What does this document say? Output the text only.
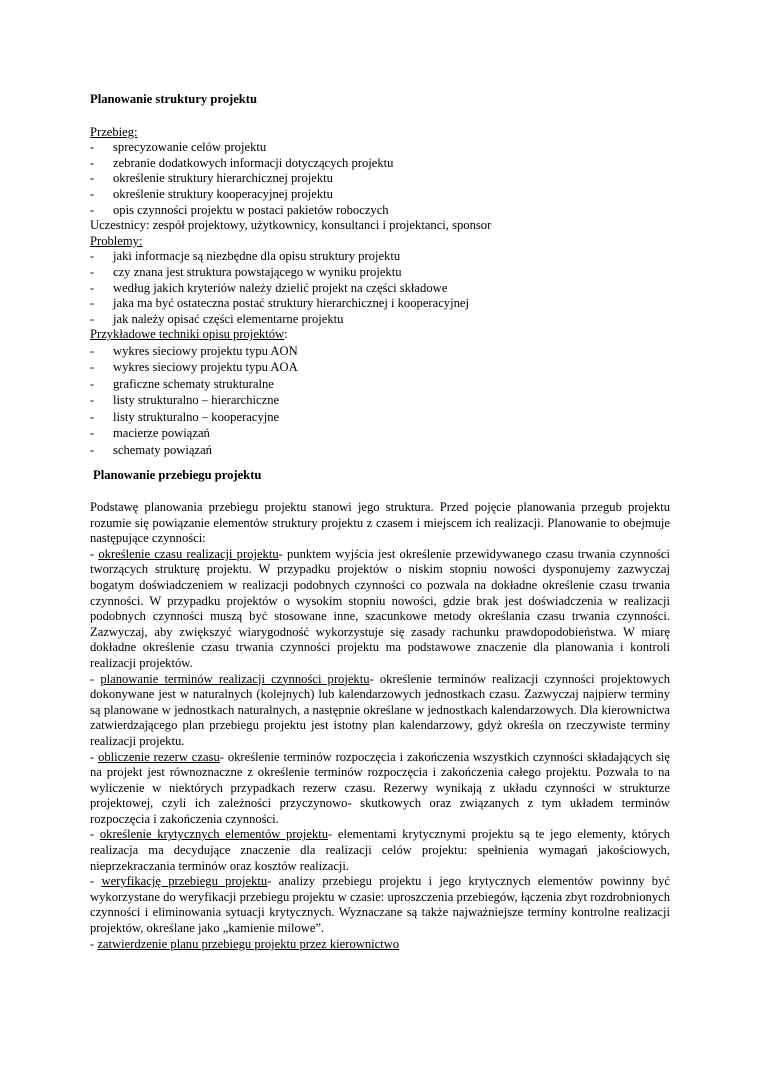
Planowanie struktury projektu

Przebieg:

- sprecyzowanie celów projektu
- zebranie dodatkowych informacji dotyczących projektu
- określenie struktury hierarchicznej projektu
- określenie struktury kooperacyjnej projektu
- opis czynności projektu w postaci pakietów roboczych

Uczestnicy: zespół projektowy, użytkownicy, konsultanci i projektanci, sponsor

Problemy:

- jaki informacje są niezbędne dla opisu struktury projektu
- czy znana jest struktura powstającego w wyniku projektu
- według jakich kryteriów należy dzielić projekt na części składowe
- jaka ma być ostateczna postać struktury hierarchicznej i kooperacyjnej
- jak należy opisać części elementarne projektu

Przykładowe techniki opisu projektów:

- wykres sieciowy projektu typu AON
- wykres sieciowy projektu typu AOA
- graficzne schematy strukturalne
- listy strukturalno – hierarchiczne
- listy strukturalno – kooperacyjne
- macierze powiązań
- schematy powiązań

Planowanie przebiegu projektu

Podstawę planowania przebiegu projektu stanowi jego struktura. Przed pojęcie planowania przegub projektu rozumie się powiązanie elementów struktury projektu z czasem i miejscem ich realizacji. Planowanie to obejmuje następujące czynności:

- określenie czasu realizacji projektu- punktem wyjścia jest określenie przewidywanego czasu trwania czynności tworzących strukturę projektu. W przypadku projektów o niskim stopniu nowości dysponujemy zazwyczaj bogatym doświadczeniem w realizacji podobnych czynności co pozwala na dokładne określenie czasu trwania czynności. W przypadku projektów o wysokim stopniu nowości, gdzie brak jest doświadczenia w realizacji podobnych czynności muszą być stosowane inne, szacunkowe metody określania czasu trwania czynności. Zazwyczaj, aby zwiększyć wiarygodność wykorzystuje się zasady rachunku prawdopodobieństwa. W miarę dokładne określenie czasu trwania czynności projektu ma podstawowe znaczenie dla planowania i kontroli realizacji projektów.

- planowanie terminów realizacji czynności projektu- określenie terminów realizacji czynności projektowych dokonywane jest w naturalnych (kolejnych) lub kalendarzowych jednostkach czasu. Zazwyczaj najpierw terminy są planowane w jednostkach naturalnych, a następnie określane w jednostkach kalendarzowych. Dla kierownictwa zatwierdzającego plan przebiegu projektu jest istotny plan kalendarzowy, gdyż określa on rzeczywiste terminy realizacji projektu.

- obliczenie rezerw czasu- określenie terminów rozpoczęcia i zakończenia wszystkich czynności składających się na projekt jest równoznaczne z określenie terminów rozpoczęcia i zakończenia całego projektu. Pozwala to na wyliczenie w niektórych przypadkach rezerw czasu. Rezerwy wynikają z układu czynności w strukturze projektowej, czyli ich zależności przyczynowo- skutkowych oraz związanych z tym układem terminów rozpoczęcia i zakończenia czynności.

- określenie krytycznych elementów projektu- elementami krytycznymi projektu są te jego elementy, których realizacja ma decydujące znaczenie dla realizacji celów projektu: spełnienia wymagań jakościowych, nieprzekraczania terminów oraz kosztów realizacji.

- weryfikację przebiegu projektu- analizy przebiegu projektu i jego krytycznych elementów powinny być wykorzystane do weryfikacji przebiegu projektu w czasie: uproszczenia przebiegów, łączenia zbyt rozdrobnionych czynności i eliminowania sytuacji krytycznych. Wyznaczane są także najważniejsze terminy kontrolne realizacji projektów, określane jako „kamienie milowe”.

- zatwierdzenie planu przebiegu projektu przez kierownictwo
